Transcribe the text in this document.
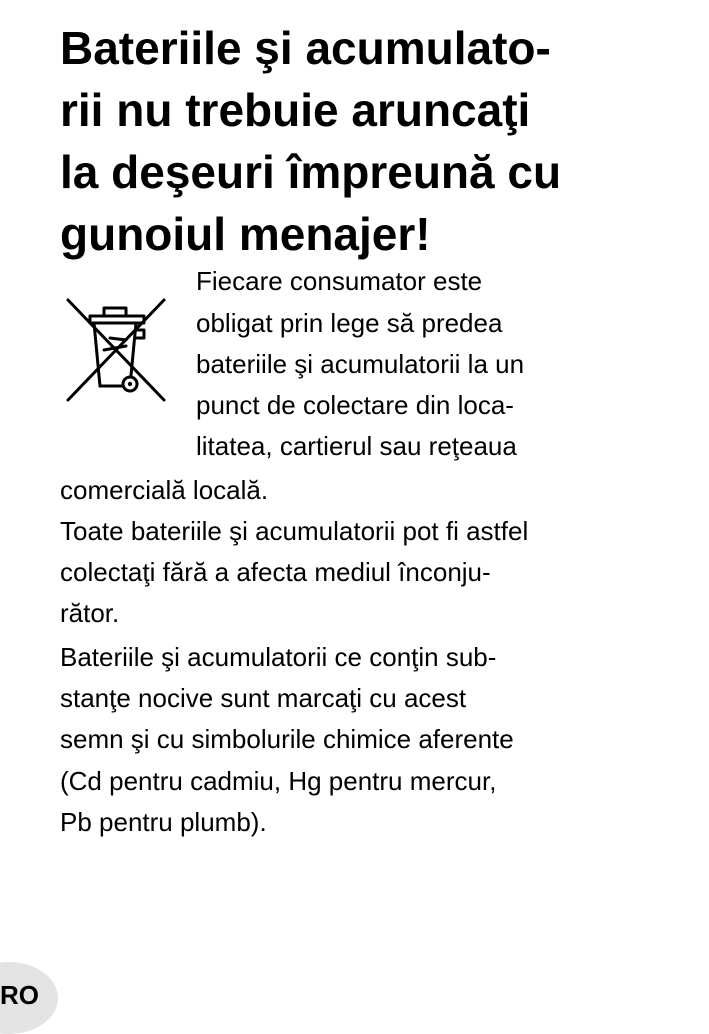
Bateriile şi acumulato-
rii nu trebuie aruncaţi
la deşeuri împreună cu
gunoiul menajer!

Fiecare consumator este

obligat prin lege să predea

bateriile şi acumulatorii la un

punct de colectare din loca-

litatea, cartierul sau reţeaua

comercială locală.

Toate bateriile şi acumulatorii pot fi astfel

colectaţi fără a afecta mediul înconju-

rător.

Bateriile şi acumulatorii ce conţin sub-

stanţe nocive sunt marcaţi cu acest

semn şi cu simbolurile chimice aferente

(Cd pentru cadmiu, Hg pentru mercur,

Pb pentru plumb).

RO
